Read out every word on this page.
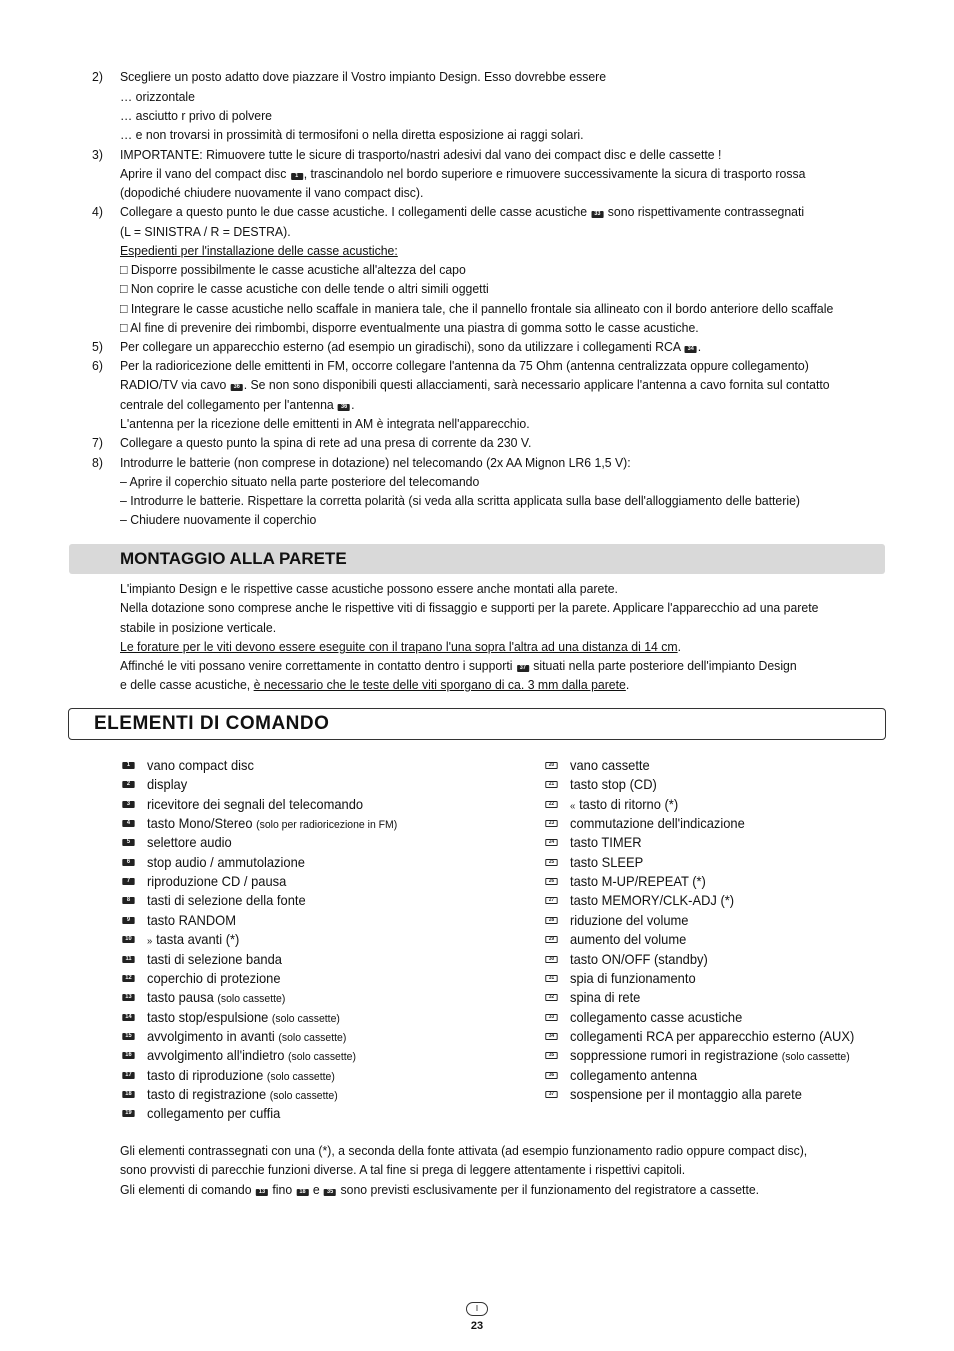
2) Scegliere un posto adatto dove piazzare il Vostro impianto Design. Esso dovrebbe essere
… orizzontale
… asciutto r privo di polvere
… e non trovarsi in prossimità di termosifoni o nella diretta esposizione ai raggi solari.
3) IMPORTANTE: Rimuovere tutte le sicure di trasporto/nastri adesivi dal vano dei compact disc e delle cassette !
Aprire il vano del compact disc 1 , trascinandolo nel bordo superiore e rimuovere successivamente la sicura di trasporto rossa
(dopodiché chiudere nuovamente il vano compact disc).
4) Collegare a questo punto le due casse acustiche. I collegamenti delle casse acustiche 33 sono rispettivamente contrassegnati
(L = SINISTRA / R = DESTRA).
Espedienti per l'installazione delle casse acustiche:
□ Disporre possibilmente le casse acustiche all'altezza del capo
□ Non coprire le casse acustiche con delle tende o altri simili oggetti
□ Integrare le casse acustiche nello scaffale in maniera tale, che il pannello frontale sia allineato con il bordo anteriore dello scaffale
□ Al fine di prevenire dei rimbombi, disporre eventualmente una piastra di gomma sotto le casse acustiche.
5) Per collegare un apparecchio esterno (ad esempio un giradischi), sono da utilizzare i collegamenti RCA 34 .
6) Per la radioricezione delle emittenti in FM, occorre collegare l'antenna da 75 Ohm (antenna centralizzata oppure collegamento)
RADIO/TV via cavo 36 . Se non sono disponibili questi allacciamenti, sarà necessario applicare l'antenna a cavo fornita sul contatto
centrale del collegamento per l'antenna 36 .
L'antenna per la ricezione delle emittenti in AM è integrata nell'apparecchio.
7) Collegare a questo punto la spina di rete ad una presa di corrente da 230 V.
8) Introdurre le batterie (non comprese in dotazione) nel telecomando (2x AA Mignon LR6 1,5 V):
– Aprire il coperchio situato nella parte posteriore del telecomando
– Introdurre le batterie. Rispettare la corretta polarità (si veda alla scritta applicata sulla base dell'alloggiamento delle batterie)
– Chiudere nuovamente il coperchio
MONTAGGIO ALLA PARETE
L'impianto Design e le rispettive casse acustiche possono essere anche montati alla parete.
Nella dotazione sono comprese anche le rispettive viti di fissaggio e supporti per la parete. Applicare l'apparecchio ad una parete
stabile in posizione verticale.
Le forature per le viti devono essere eseguite con il trapano l'una sopra l'altra ad una distanza di 14 cm.
Affinché le viti possano venire correttamente in contatto dentro i supporti 37 situati nella parte posteriore dell'impianto Design
e delle casse acustiche, è necessario che le teste delle viti sporgano di ca. 3 mm dalla parete.
ELEMENTI DI COMANDO
1	vano compact disc
2	display
3	ricevitore dei segnali del telecomando
4	tasto Mono/Stereo (solo per radioricezione in FM)
5	selettore audio
6	stop audio / ammutolazione
7	riproduzione CD / pausa
8	tasti di selezione della fonte
9	tasto RANDOM
10 » tasta avanti (*)
11 tasti di selezione banda
12 coperchio di protezione
13 tasto pausa (solo cassette)
14 tasto stop/espulsione (solo cassette)
15 avvolgimento in avanti (solo cassette)
16 avvolgimento all'indietro (solo cassette)
17 tasto di riproduzione (solo cassette)
18 tasto di registrazione (solo cassette)
19 collegamento per cuffia
20 vano cassette
21 tasto stop (CD)
22	« tasto di ritorno (*)
23 commutazione dell'indicazione
24 tasto TIMER
25 tasto SLEEP
26 tasto M-UP/REPEAT (*)
27 tasto MEMORY/CLK-ADJ (*)
28 riduzione del volume
29 aumento del volume
30 tasto ON/OFF (standby)
31 spia di funzionamento
32 spina di rete
33 collegamento casse acustiche
34 collegamenti RCA per apparecchio esterno (AUX)
35 soppressione rumori in registrazione (solo cassette)
36 collegamento antenna
37 sospensione per il montaggio alla parete
Gli elementi contrassegnati con una (*), a seconda della fonte attivata (ad esempio funzionamento radio oppure compact disc),
sono provvisti di parecchie funzioni diverse. A tal fine si prega di leggere attentamente i rispettivi capitoli.
Gli elementi di comando 13 fino 18 e 35 sono previsti esclusivamente per il funzionamento del registratore a cassette.
I
23
